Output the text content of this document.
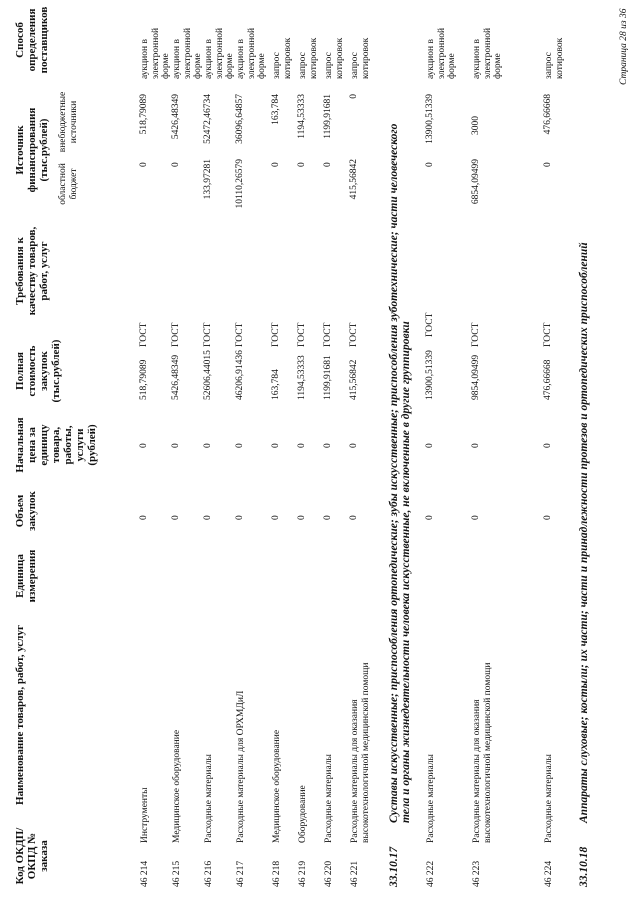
Код ОКДП/ ОКПД № заказа
Наименование товаров, работ, услуг
Единица измерения
Объем закупок
Начальная цена за единицу товара, работы, услуги (рублей)
Полная стоимость закупок (тыс.рублей)
Требования к качеству товаров, работ, услуг
Источник финансирования (тыс.рублей)
областной бюджет
внебюджетные источники
Способ определения поставщиков
46 214
Инструменты
0
0
518,79089
ГОСТ
0
518,79089
аукцион в электронной форме
46 215
Медицинское оборудование
0
0
5426,48349
ГОСТ
0
5426,48349
аукцион в электронной форме
46 216
Расходные материалы
0
0
52606,44015
ГОСТ
133,97281
52472,46734
аукцион в электронной форме
46 217
Расходные материалы для ОРХМДиЛ
0
0
46206,91436
ГОСТ
10110,26579
36096,64857
аукцион в электронной форме
46 218
Медицинское оборудование
0
0
163,784
ГОСТ
0
163,784
запрос котировок
46 219
Оборудование
0
0
1194,53333
ГОСТ
0
1194,53333
запрос котировок
46 220
Расходные материалы
0
0
1199,91681
ГОСТ
0
1199,91681
запрос котировок
46 221
Расходные материалы для оказания высокотехнологичной медицинской помощи
0
0
415,56842
ГОСТ
415,56842
0
запрос котировок
33.10.17
Суставы искусственные; приспособления ортопедические; зубы искусственные; приспособления зуботехнические; части человеческого тела и органы жизнедеятельности человека искусственные, не включенные в другие группировки
46 222
Расходные материалы
0
0
13900,51339
ГОСТ
0
13900,51339
аукцион в электронной форме
46 223
Расходные материалы для оказания высокотехнологичной медицинской помощи
0
0
9854,09499
ГОСТ
6854,09499
3000
аукцион в электронной форме
46 224
Расходные материалы
0
0
476,66668
ГОСТ
0
476,66668
запрос котировок
33.10.18
Аппараты слуховые; костыли; их части; части и принадлежности протезов и ортопедических приспособлений
Страница 28 из 36
